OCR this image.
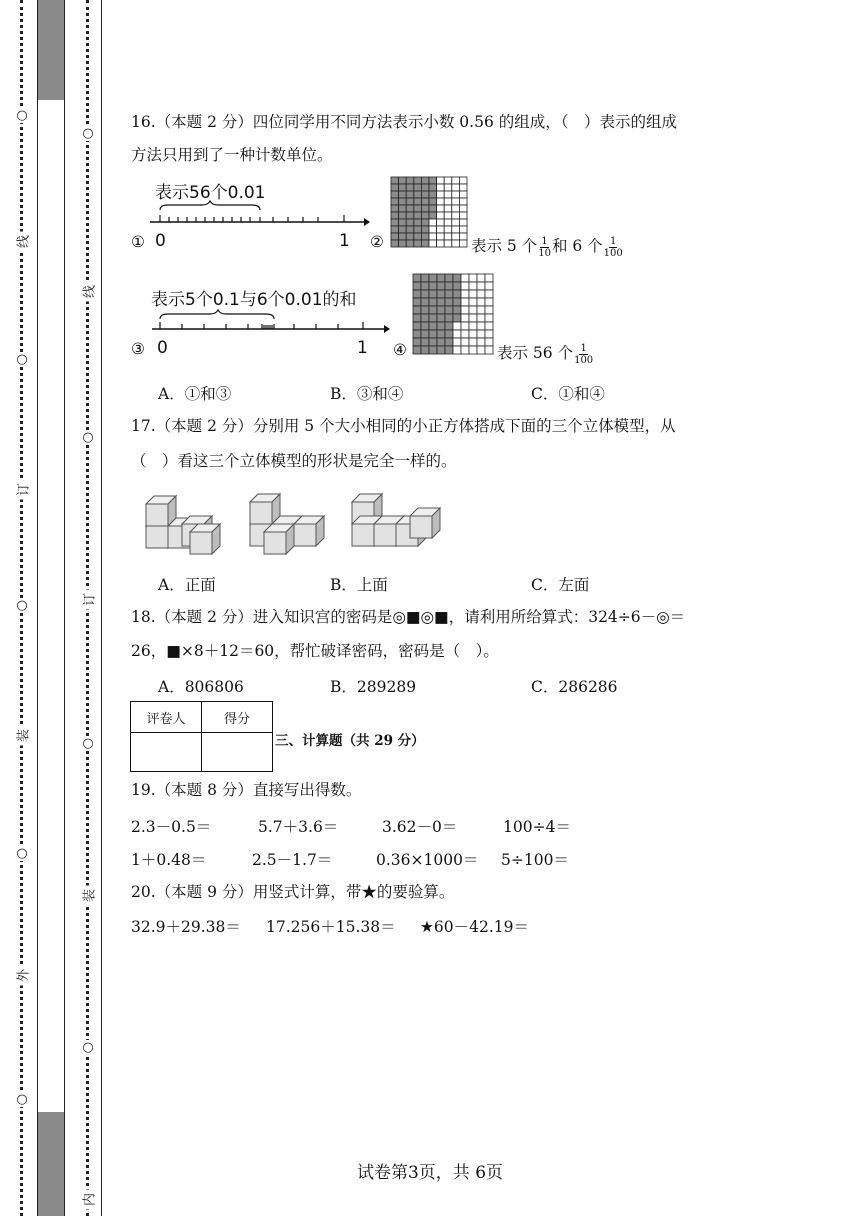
○
线
○
订
○
装
○
外
○
○
线
○
订
○
装
○
内
16.（本题 2 分）四位同学用不同方法表示小数 0.56 的组成，（　）表示的组成
方法只用到了一种计数单位。
①
表示56个0.01
0	1 ②	表示 5 个 $\frac{1}{10}$ 和 6 个 $\frac{1}{100}$
③
表示5个0.1与6个0.01的和
0	1 ④	表示 56 个 $\frac{1}{100}$
A．①和③	B．③和④	C．①和④
17.（本题 2 分）分别用 5 个大小相同的小正方体搭成下面的三个立体模型，从
（　）看这三个立体模型的形状是完全一样的。
A．正面	B．上面	C．左面
18.（本题 2 分）进入知识宫的密码是◎■◎■，请利用所给算式：324÷6－◎＝
26，■×8＋12＝60，帮忙破译密码，密码是（　）。
A．806806	B．289289	C．286286
评卷人	得分

三、计算题（共 29 分）
19.（本题 8 分）直接写出得数。
2.3－0.5＝	5.7＋3.6＝	3.62－0＝	100÷4＝
1＋0.48＝	2.5－1.7＝	0.36×1000＝ 5÷100＝
20.（本题 9 分）用竖式计算，带★的要验算。
32.9＋29.38＝ 17.256＋15.38＝ ★60－42.19＝
试卷第3页，共 6页
